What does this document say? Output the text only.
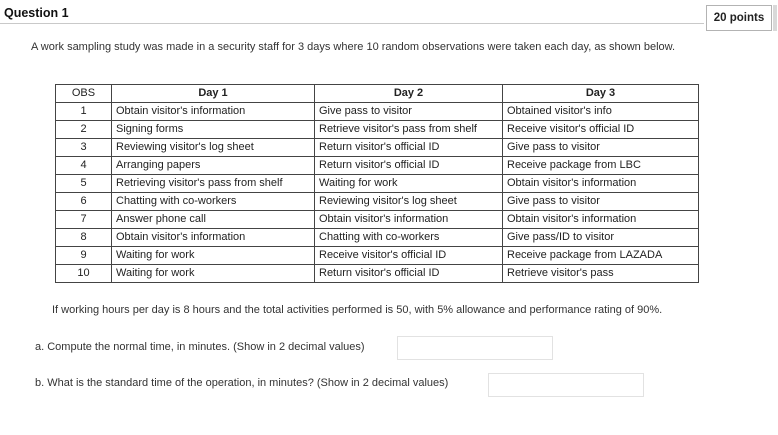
Question 1	20 points
A work sampling study was made in a security staff for 3 days where 10 random observations were taken each day, as shown below.
OBS	Day 1	Day 2	Day 3
1	Obtain visitor's information	Give pass to visitor	Obtained visitor's info
2	Signing forms	Retrieve visitor's pass from shelf	Receive visitor's official ID
3	Reviewing visitor's log sheet	Return visitor's official ID	Give pass to visitor
4	Arranging papers	Return visitor's official ID	Receive package from LBC
5	Retrieving visitor's pass from shelf	Waiting for work	Obtain visitor's information
6	Chatting with co-workers	Reviewing visitor's log sheet	Give pass to visitor
7	Answer phone call	Obtain visitor's information	Obtain visitor's information
8	Obtain visitor's information	Chatting with co-workers	Give pass/ID to visitor
9	Waiting for work	Receive visitor's official ID	Receive package from LAZADA
10	Waiting for work	Return visitor's official ID	Retrieve visitor's pass
If working hours per day is 8 hours and the total activities performed is 50, with 5% allowance and performance rating of 90%.
a. Compute the normal time, in minutes. (Show in 2 decimal values)
b. What is the standard time of the operation, in minutes? (Show in 2 decimal values)
